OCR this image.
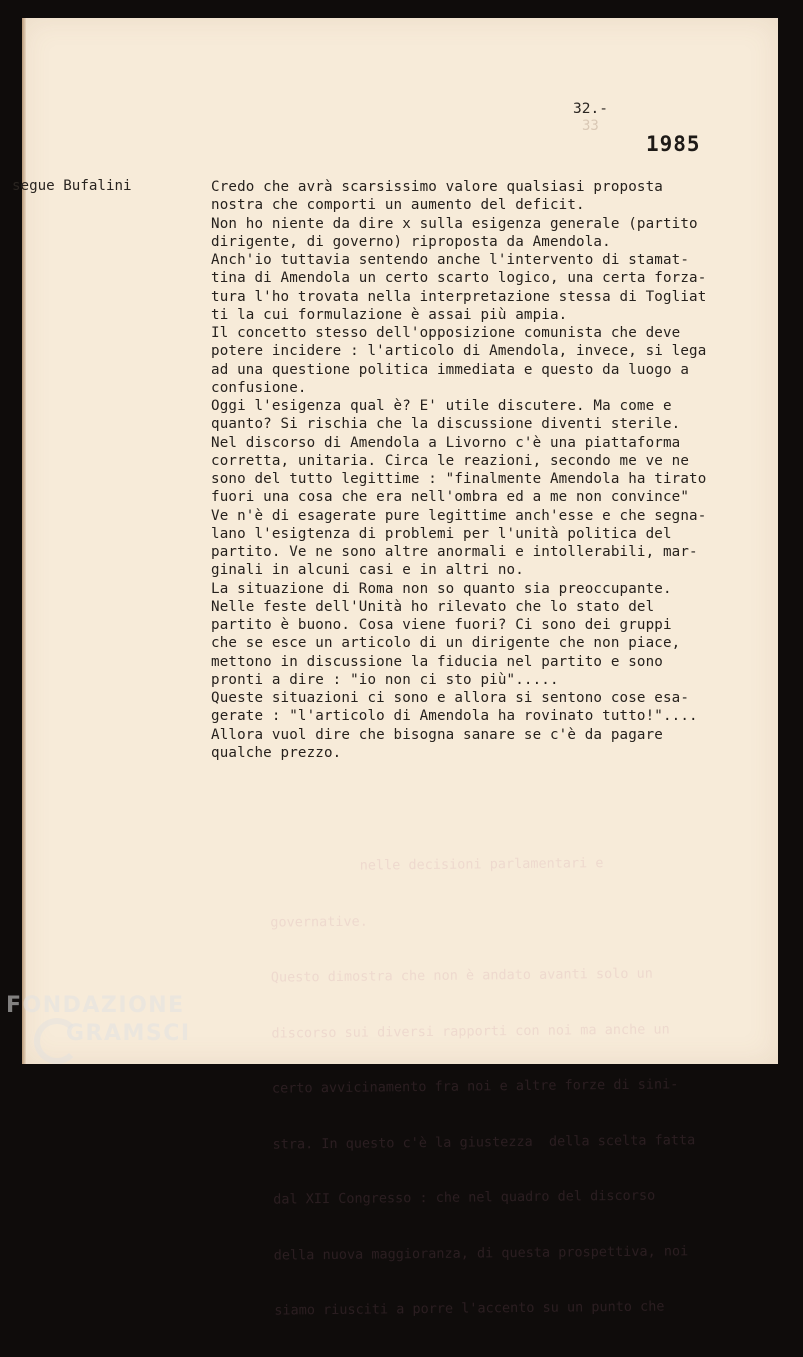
33

nelle decisioni parlamentari e

governative.

Questo dimostra che non è andato avanti solo un

discorso sui diversi rapporti con noi ma anche un

certo avvicinamento fra noi e altre forze di sini-

stra. In questo c'è la giustezza  della scelta fatta

dal XII Congresso : che nel quadro del discorso

della nuova maggioranza, di questa prospettiva, noi

siamo riusciti a porre l'accento su un punto che

32.-
1985
segue Bufalini	Credo che avrà scarsissimo valore qualsiasi proposta
nostra che comporti un aumento del deficit.
Non ho niente da dire x sulla esigenza generale (partito
dirigente, di governo) riproposta da Amendola.
Anch'io tuttavia sentendo anche l'intervento di stamat-
tina di Amendola un certo scarto logico, una certa forza-
tura l'ho trovata nella interpretazione stessa di Togliat
ti la cui formulazione è assai più ampia.
Il concetto stesso dell'opposizione comunista che deve
potere incidere : l'articolo di Amendola, invece, si lega
ad una questione politica immediata e questo da luogo a
confusione.
Oggi l'esigenza qual è? E' utile discutere. Ma come e
quanto? Si rischia che la discussione diventi sterile.
Nel discorso di Amendola a Livorno c'è una piattaforma
corretta, unitaria. Circa le reazioni, secondo me ve ne
sono del tutto legittime : "finalmente Amendola ha tirato
fuori una cosa che era nell'ombra ed a me non convince"
Ve n'è di esagerate pure legittime anch'esse e che segna-
lano l'esigtenza di problemi per l'unità politica del
partito. Ve ne sono altre anormali e intollerabili, mar-
ginali in alcuni casi e in altri no.
La situazione di Roma non so quanto sia preoccupante.
Nelle feste dell'Unità ho rilevato che lo stato del
partito è buono. Cosa viene fuori? Ci sono dei gruppi
che se esce un articolo di un dirigente che non piace,
mettono in discussione la fiducia nel partito e sono
pronti a dire : "io non ci sto più".....
Queste situazioni ci sono e allora si sentono cose esa-
gerate : "l'articolo di Amendola ha rovinato tutto!"....
Allora vuol dire che bisogna sanare se c'è da pagare
qualche prezzo.
FONDAZIONE
GRAMSCI
